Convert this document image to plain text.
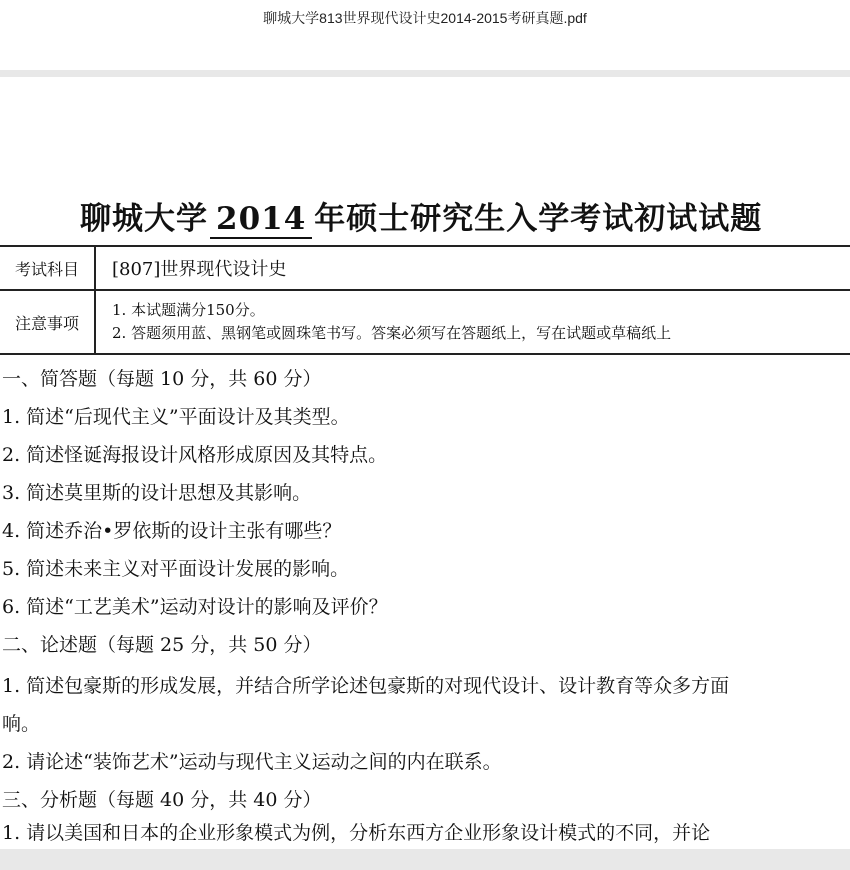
聊城大学813世界现代设计史2014-2015考研真题.pdf
聊城大学 2014 年硕士研究生入学考试初试试题
考试科目	[807]世界现代设计史
注意事项	1. 本试题满分150分。
2. 答题须用蓝、黑钢笔或圆珠笔书写。答案必须写在答题纸上，写在试题或草稿纸上
一、简答题（每题 10 分，共 60 分）
1. 简述“后现代主义”平面设计及其类型。
2. 简述怪诞海报设计风格形成原因及其特点。
3. 简述莫里斯的设计思想及其影响。
4. 简述乔治•罗依斯的设计主张有哪些？
5. 简述未来主义对平面设计发展的影响。
6. 简述“工艺美术”运动对设计的影响及评价？
二、论述题（每题 25 分，共 50 分）
1. 简述包豪斯的形成发展，并结合所学论述包豪斯的对现代设计、设计教育等众多方面
响。
2. 请论述“装饰艺术”运动与现代主义运动之间的内在联系。
三、分析题（每题 40 分，共 40 分）
1. 请以美国和日本的企业形象模式为例，分析东西方企业形象设计模式的不同，并论
